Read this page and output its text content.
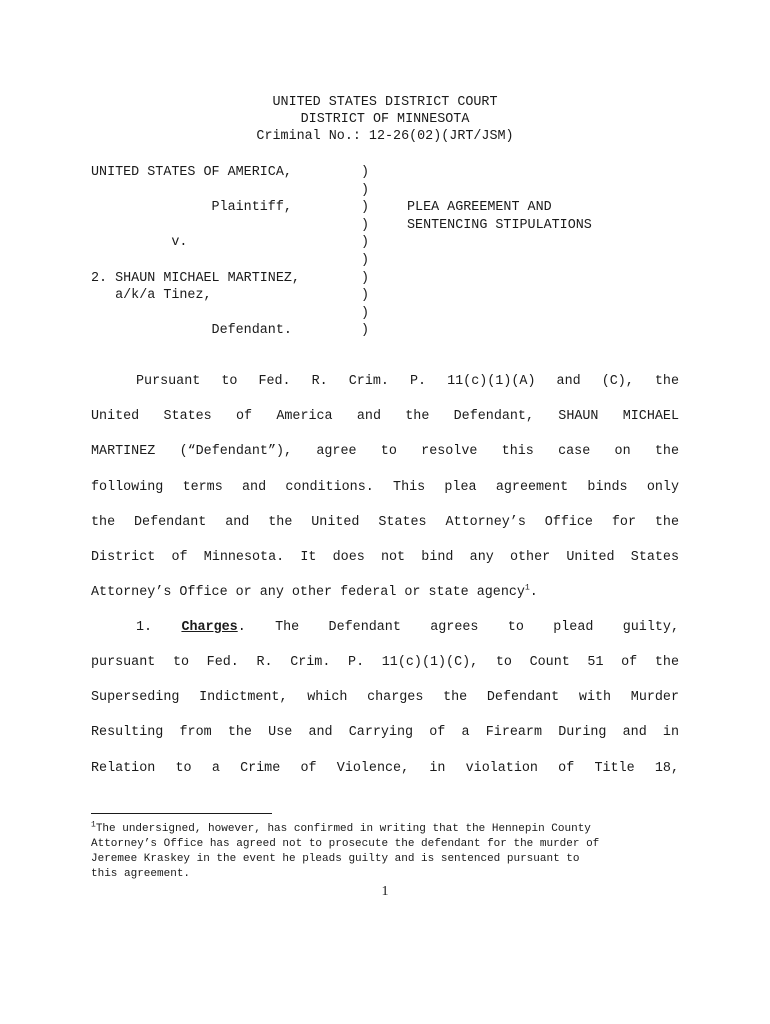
UNITED STATES DISTRICT COURT
DISTRICT OF MINNESOTA
Criminal No.: 12-26(02)(JRT/JSM)
UNITED STATES OF AMERICA,	)
)
Plaintiff,	)	PLEA AGREEMENT AND
)	SENTENCING STIPULATIONS
v.	)
)
2. SHAUN MICHAEL MARTINEZ,	)
a/k/a Tinez,	)
)
Defendant.	)
Pursuant to Fed. R. Crim. P. 11(c)(1)(A) and (C), the
United States of America and the Defendant, SHAUN MICHAEL
MARTINEZ (“Defendant”), agree to resolve this case on the
following terms and conditions. This plea agreement binds only
the Defendant and the United States Attorney’s Office for the
District of Minnesota. It does not bind any other United States
Attorney’s Office or any other federal or state agency$^1$.
1. Charges. The Defendant agrees to plead guilty,
pursuant to Fed. R. Crim. P. 11(c)(1)(C), to Count 51 of the
Superseding Indictment, which charges the Defendant with Murder
Resulting from the Use and Carrying of a Firearm During and in
Relation to a Crime of Violence, in violation of Title 18,
$^1$The undersigned, however, has confirmed in writing that the Hennepin County
Attorney’s Office has agreed not to prosecute the defendant for the murder of
Jeremee Kraskey in the event he pleads guilty and is sentenced pursuant to
this agreement.
1
